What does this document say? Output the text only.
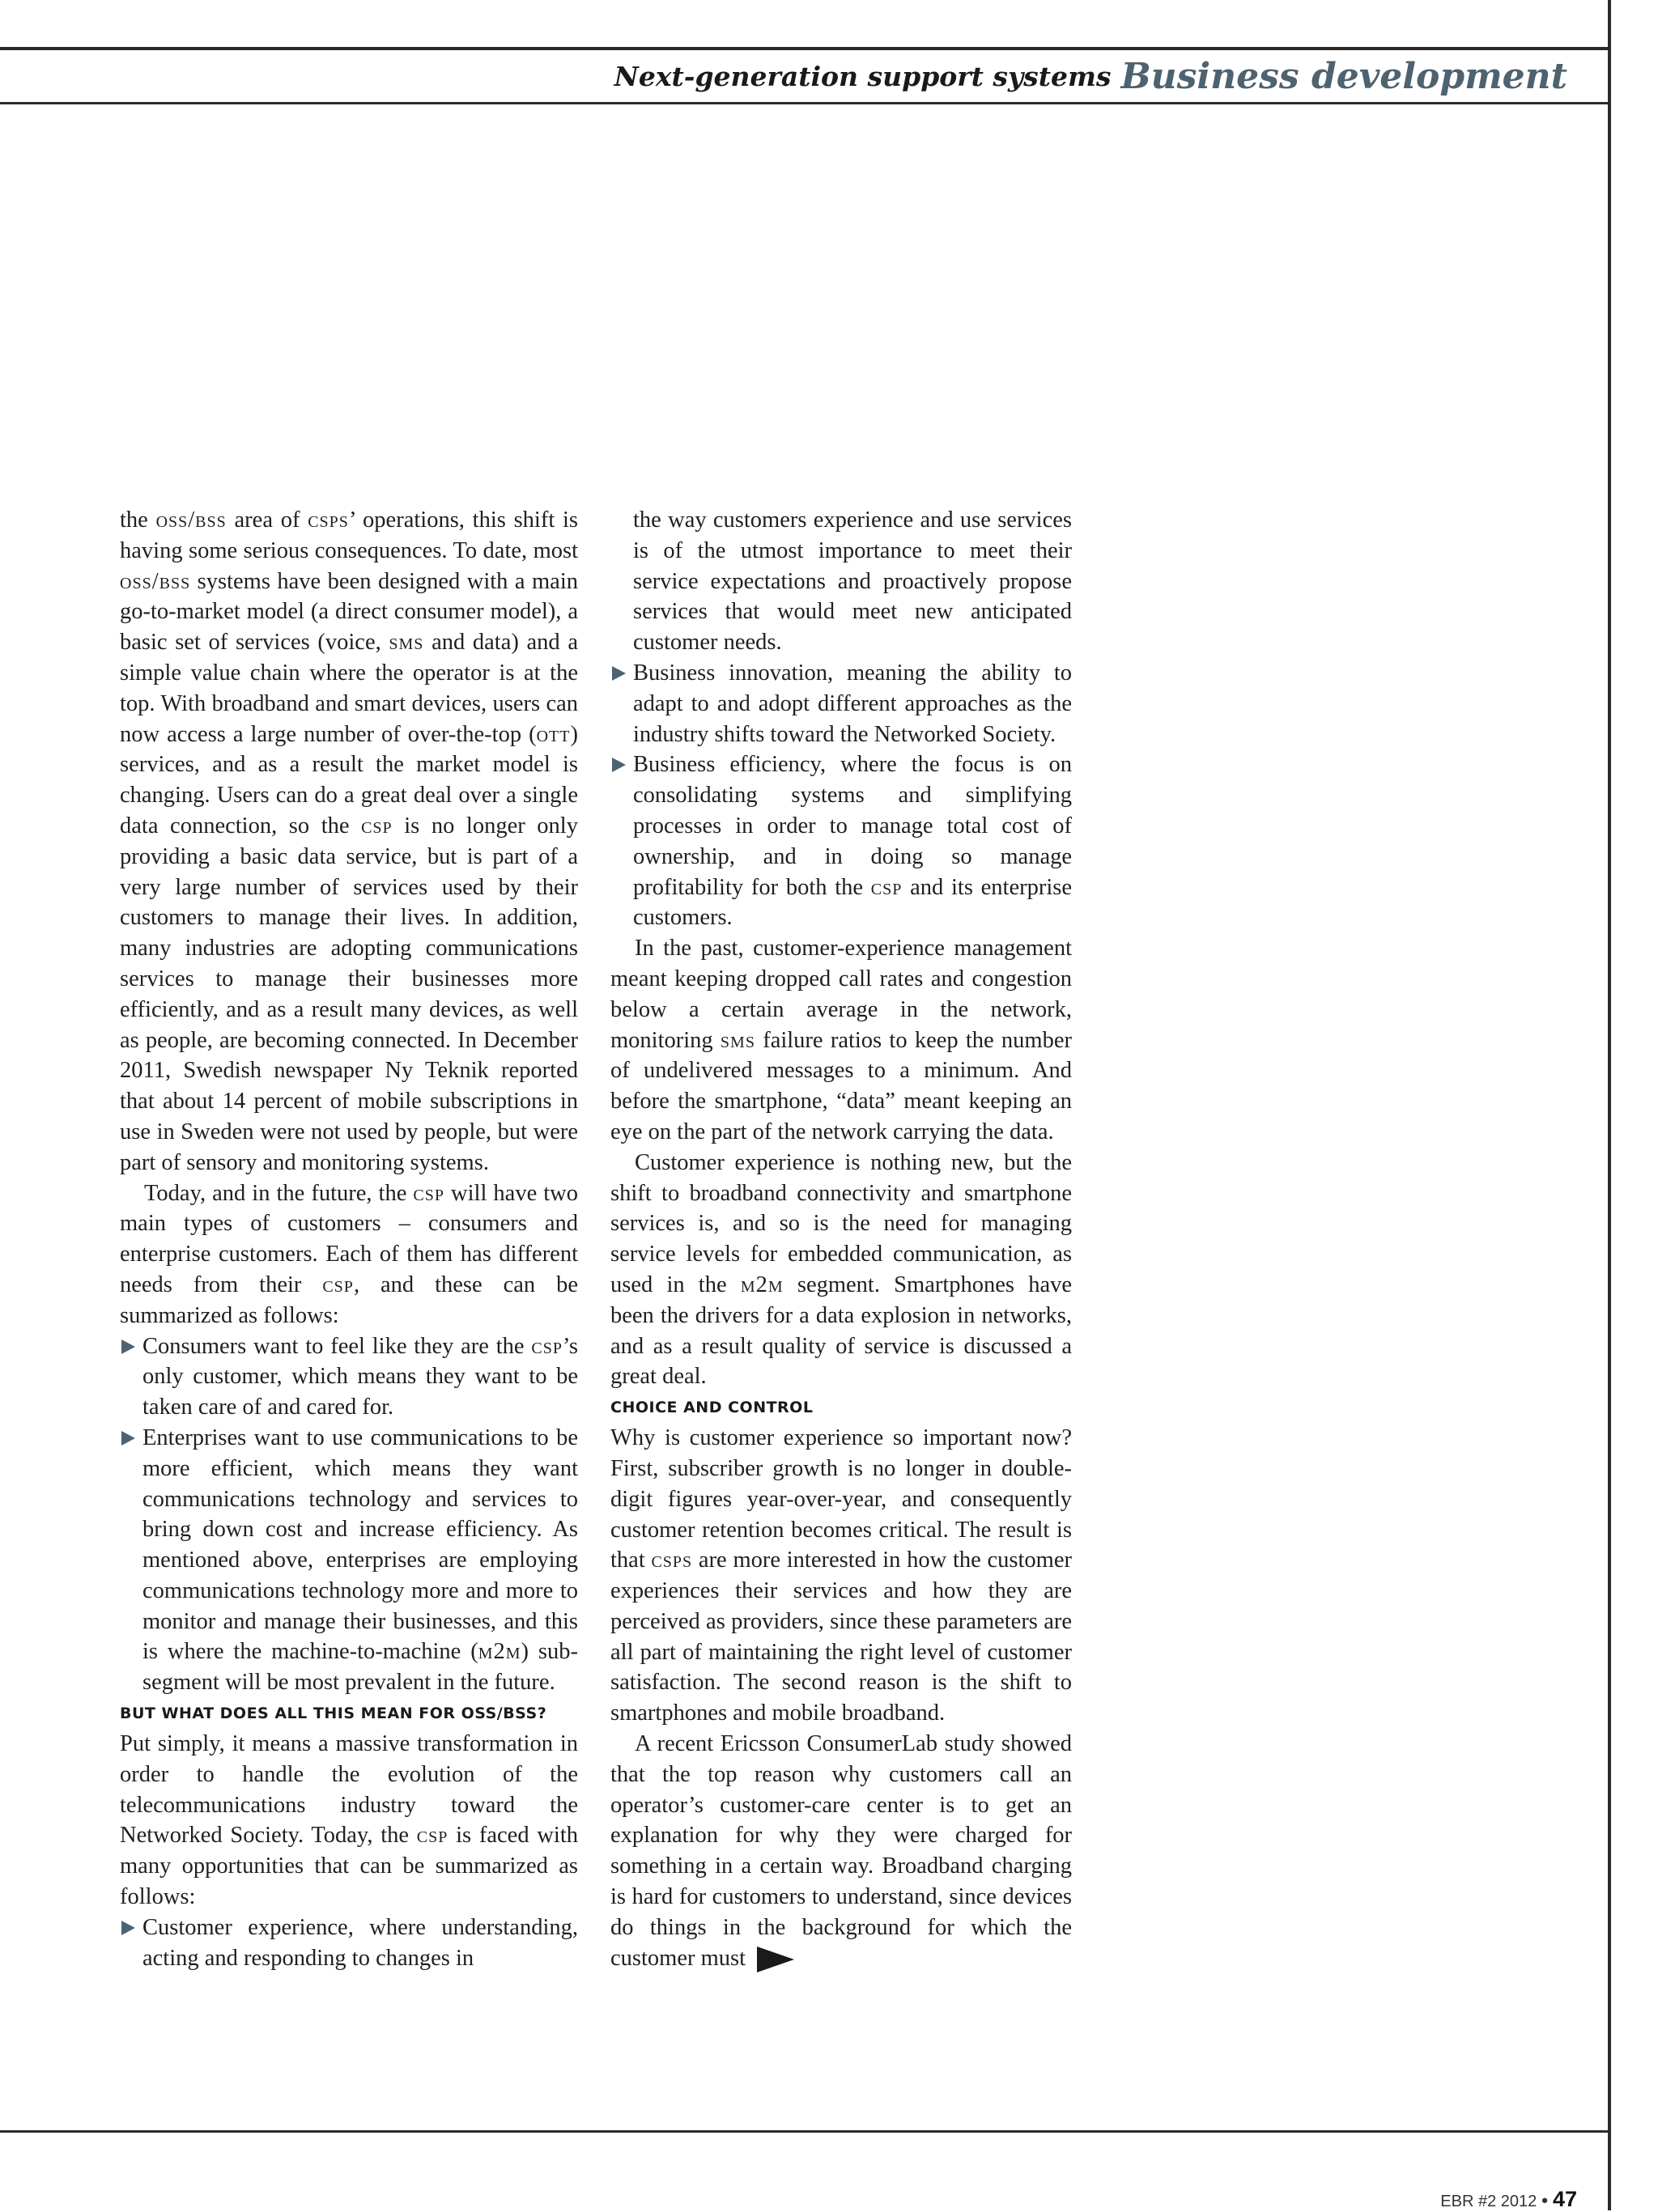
Next-generation support systems Business development

the oss/bss area of csps’ operations, this shift is having some serious consequences. To date, most oss/bss systems have been designed with a main go-to-market model (a direct consumer model), a basic set of services (voice, sms and data) and a simple value chain where the operator is at the top. With broadband and smart devices, users can now access a large number of over-the-top (ott) services, and as a result the market model is changing. Users can do a great deal over a single data connection, so the csp is no longer only providing a basic data service, but is part of a very large number of services used by their customers to manage their lives. In addition, many industries are adopting communications services to manage their businesses more efficiently, and as a result many devices, as well as people, are becoming connected. In December 2011, Swedish newspaper Ny Teknik reported that about 14 percent of mobile subscriptions in use in Sweden were not used by people, but were part of sensory and monitoring systems.

Today, and in the future, the csp will have two main types of customers – consumers and enterprise customers. Each of them has different needs from their csp, and these can be summarized as follows:

Consumers want to feel like they are the csp’s only customer, which means they want to be taken care of and cared for.

Enterprises want to use communications to be more efficient, which means they want communications technology and services to bring down cost and increase efficiency. As mentioned above, enterprises are employing communications technology more and more to monitor and manage their businesses, and this is where the machine-to-machine (m2m) sub-segment will be most prevalent in the future.

BUT WHAT DOES ALL THIS MEAN FOR OSS/BSS?

Put simply, it means a massive transformation in order to handle the evolution of the telecommunications industry toward the Networked Society. Today, the csp is faced with many opportunities that can be summarized as follows:

Customer experience, where understanding, acting and responding to changes in

the way customers experience and use services is of the utmost importance to meet their service expectations and proactively propose services that would meet new anticipated customer needs.

Business innovation, meaning the ability to adapt to and adopt different approaches as the industry shifts toward the Networked Society.

Business efficiency, where the focus is on consolidating systems and simplifying processes in order to manage total cost of ownership, and in doing so manage profitability for both the csp and its enterprise customers.

In the past, customer-experience management meant keeping dropped call rates and congestion below a certain average in the network, monitoring sms failure ratios to keep the number of undelivered messages to a minimum. And before the smartphone, “data” meant keeping an eye on the part of the network carrying the data.

Customer experience is nothing new, but the shift to broadband connectivity and smartphone services is, and so is the need for managing service levels for embedded communication, as used in the m2m segment. Smartphones have been the drivers for a data explosion in networks, and as a result quality of service is discussed a great deal.

CHOICE AND CONTROL

Why is customer experience so important now? First, subscriber growth is no longer in double-digit figures year-over-year, and consequently customer retention becomes critical. The result is that csps are more interested in how the customer experiences their services and how they are perceived as providers, since these parameters are all part of maintaining the right level of customer satisfaction. The second reason is the shift to smartphones and mobile broadband.

A recent Ericsson ConsumerLab study showed that the top reason why customers call an operator’s customer-care center is to get an explanation for why they were charged for something in a certain way. Broadband charging is hard for customers to understand, since devices do things in the background for which the customer must

EBR #2 2012 • 47
